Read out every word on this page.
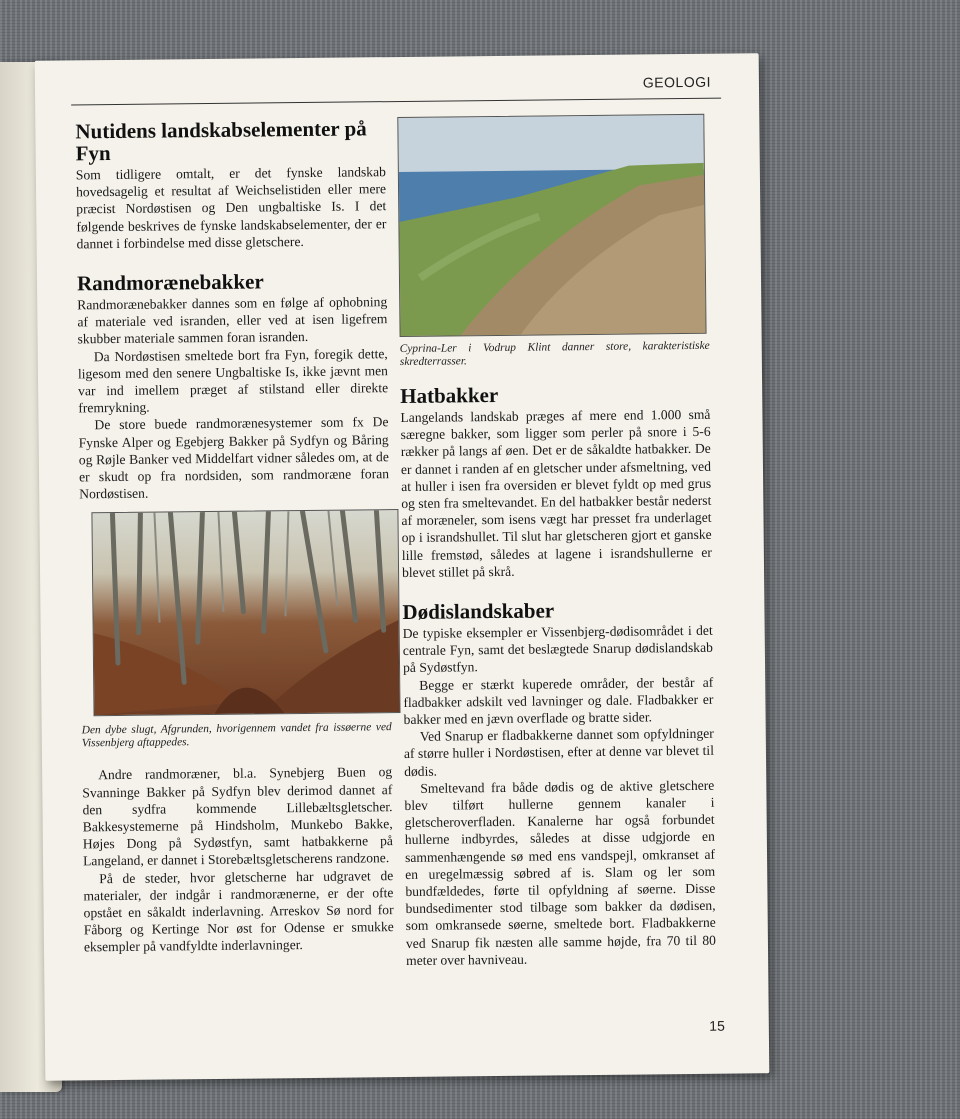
GEOLOGI
Nutidens landskabselementer på Fyn

Som tidligere omtalt, er det fynske landskab hovedsagelig et resultat af Weichselistiden eller mere præcist Nordøstisen og Den ungbaltiske Is. I det følgende beskrives de fynske landskabselementer, der er dannet i forbindelse med disse gletschere.

Randmorænebakker

Randmorænebakker dannes som en følge af ophobning af materiale ved isranden, eller ved at isen ligefrem skubber materiale sammen foran isranden.

Da Nordøstisen smeltede bort fra Fyn, foregik dette, ligesom med den senere Ungbaltiske Is, ikke jævnt men var ind imellem præget af stilstand eller direkte fremrykning.

De store buede randmorænesystemer som fx De Fynske Alper og Egebjerg Bakker på Sydfyn og Båring og Røjle Banker ved Middelfart vidner således om, at de er skudt op fra nordsiden, som randmoræne foran Nordøstisen.

Den dybe slugt, Afgrunden, hvorigennem vandet fra issøerne ved Vissenbjerg aftappedes.

Andre randmoræner, bl.a. Synebjerg Buen og Svanninge Bakker på Sydfyn blev derimod dannet af den sydfra kommende Lillebæltsgletscher. Bakkesystemerne på Hindsholm, Munkebo Bakke, Højes Dong på Sydøstfyn, samt hatbakkerne på Langeland, er dannet i Storebæltsgletscherens randzone.

På de steder, hvor gletscherne har udgravet de materialer, der indgår i randmorænerne, er der ofte opstået en såkaldt inderlavning. Arreskov Sø nord for Fåborg og Kertinge Nor øst for Odense er smukke eksempler på vandfyldte inderlavninger.

Cyprina-Ler i Vodrup Klint danner store, karakteristiske skredterrasser.

Hatbakker

Langelands landskab præges af mere end 1.000 små særegne bakker, som ligger som perler på snore i 5-6 rækker på langs af øen. Det er de såkaldte hatbakker. De er dannet i randen af en gletscher under afsmeltning, ved at huller i isen fra oversiden er blevet fyldt op med grus og sten fra smeltevandet. En del hatbakker består nederst af moræneler, som isens vægt har presset fra underlaget op i israndshullet. Til slut har gletscheren gjort et ganske lille fremstød, således at lagene i israndshullerne er blevet stillet på skrå.

Dødislandskaber

De typiske eksempler er Vissenbjerg-dødisområdet i det centrale Fyn, samt det beslægtede Snarup dødislandskab på Sydøstfyn.

Begge er stærkt kuperede områder, der består af fladbakker adskilt ved lavninger og dale. Fladbakker er bakker med en jævn overflade og bratte sider.

Ved Snarup er fladbakkerne dannet som opfyldninger af større huller i Nordøstisen, efter at denne var blevet til dødis.

Smeltevand fra både dødis og de aktive gletschere blev tilført hullerne gennem kanaler i gletscheroverfladen. Kanalerne har også forbundet hullerne indbyrdes, således at disse udgjorde en sammenhængende sø med ens vandspejl, omkranset af en uregelmæssig søbred af is. Slam og ler som bundfældedes, førte til opfyldning af søerne. Disse bundsedimenter stod tilbage som bakker da dødisen, som omkransede søerne, smeltede bort. Fladbakkerne ved Snarup fik næsten alle samme højde, fra 70 til 80 meter over havniveau.

15
